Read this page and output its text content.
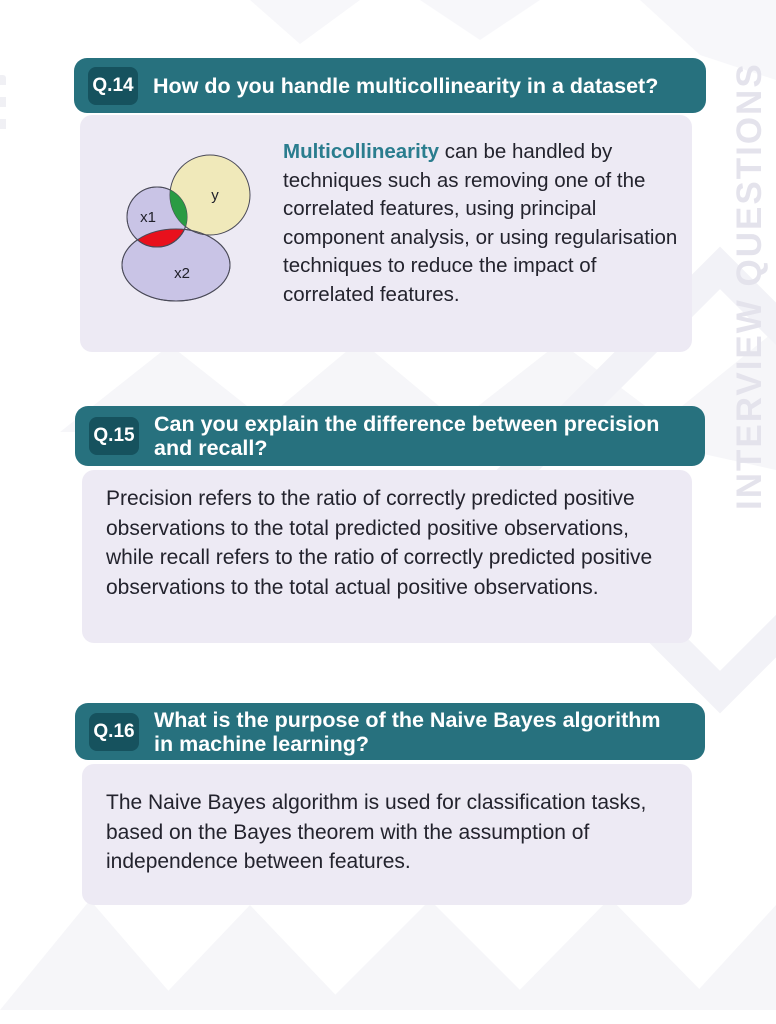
INTERVIEW QUESTIONS
Q.14 How do you handle multicollinearity in a dataset?
x1
y
x2
Multicollinearity can be handled by techniques such as removing one of the correlated features, using principal component analysis, or using regularisation techniques to reduce the impact of correlated features.
Q.15 Can you explain the difference between precision and recall?
Precision refers to the ratio of correctly predicted positive observations to the total predicted positive observations, while recall refers to the ratio of correctly predicted positive observations to the total actual positive observations.
Q.16 What is the purpose of the Naive Bayes algorithm in machine learning?
The Naive Bayes algorithm is used for classification tasks, based on the Bayes theorem with the assumption of independence between features.
